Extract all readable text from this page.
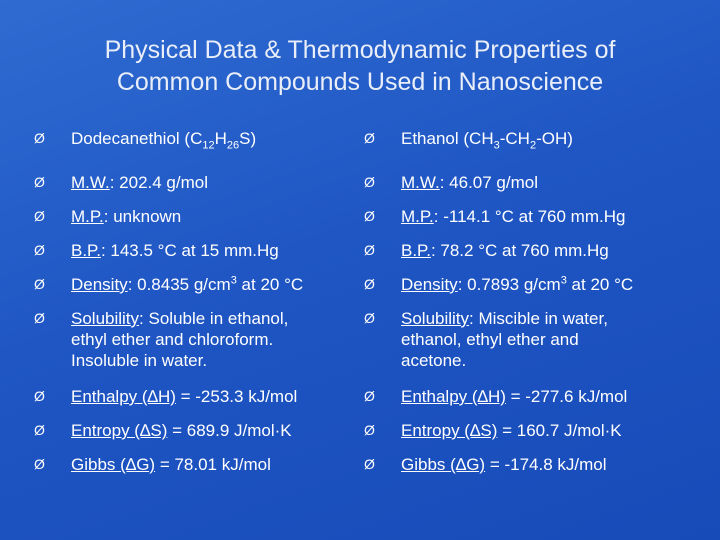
Physical Data & Thermodynamic Properties of
Common Compounds Used in Nanoscience
Ø Dodecanethiol $(C_{12}H_{26}S)$
Ø M.W.: 202.4 g/mol
Ø M.P.: unknown
Ø B.P.: 143.5 °C at 15 mm.Hg
Ø Density: 0.8435 $g/cm^3$ at 20 °C
Ø Solubility: Soluble in ethanol,
ethyl ether and chloroform.
Insoluble in water.
Ø Enthalpy (∆H) = -253.3 kJ/mol
Ø Entropy (∆S) = 689.9 J/mol·K
Ø Gibbs (∆G) = 78.01 kJ/mol
Ø Ethanol $(CH_3-CH_2-OH)$
Ø M.W.: 46.07 g/mol
Ø M.P.: -114.1 °C at 760 mm.Hg
Ø B.P.: 78.2 °C at 760 mm.Hg
Ø Density: 0.7893 $g/cm^3$ at 20 °C
Ø Solubility: Miscible in water,
ethanol, ethyl ether and
acetone.
Ø Enthalpy (∆H) = -277.6 kJ/mol
Ø Entropy (∆S) = 160.7 J/mol·K
Ø Gibbs (∆G) = -174.8 kJ/mol
